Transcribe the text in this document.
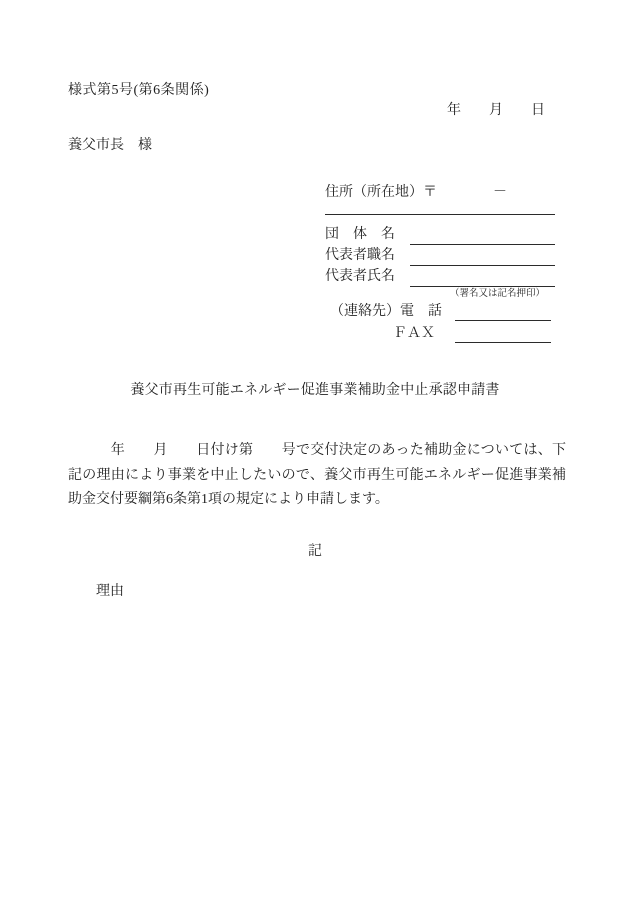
様式第5号(第6条関係)
年　　月　　日
養父市長　様
住所（所在地）〒　　　　－
団　体　名
代表者職名
代表者氏名
（署名又は記名押印）
（連絡先）電　話
ＦＡＸ
養父市再生可能エネルギー促進事業補助金中止承認申請書
　　　年　　月　　日付け第　　号で交付決定のあった補助金については、下記の理由により事業を中止したいので、養父市再生可能エネルギー促進事業補助金交付要綱第6条第1項の規定により申請します。
記
理由
